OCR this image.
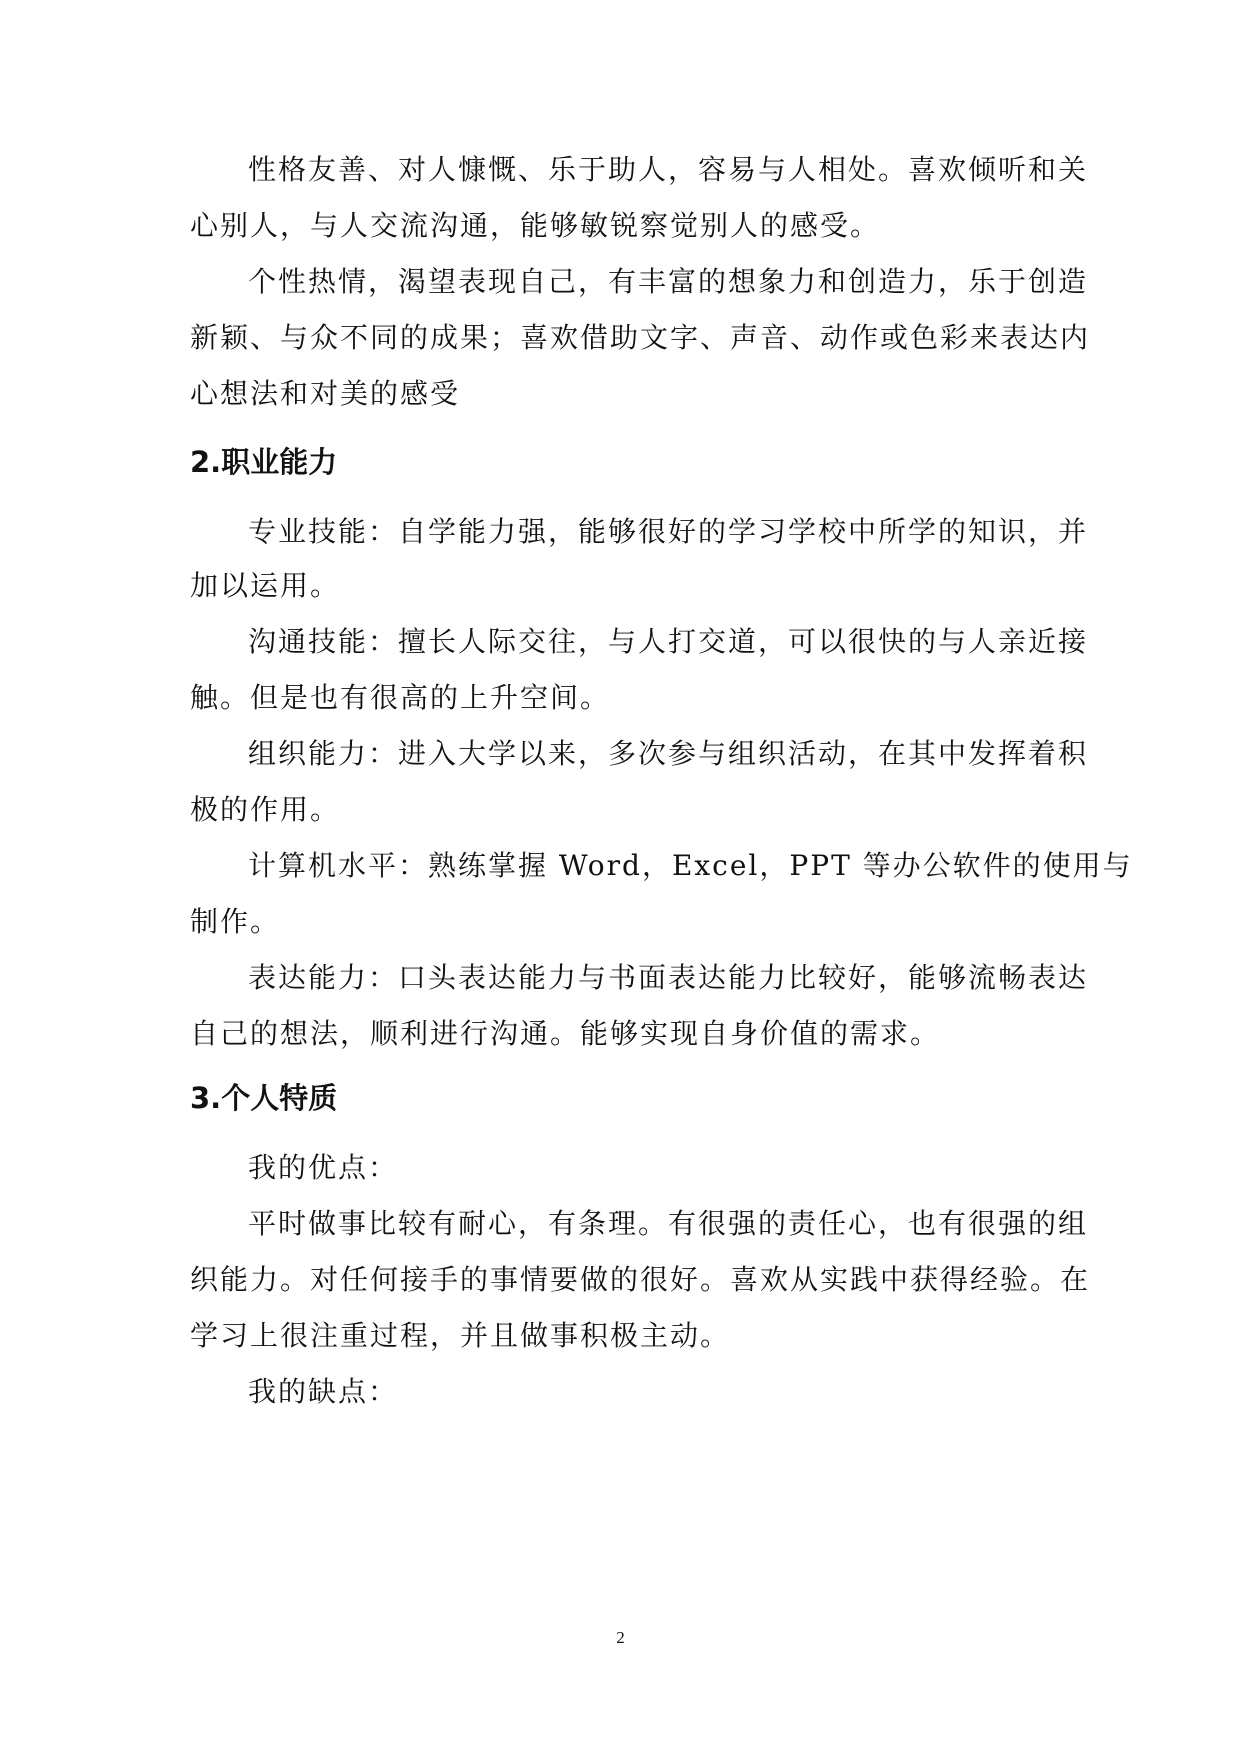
性格友善、对人慷慨、乐于助人，容易与人相处。喜欢倾听和关
心别人，与人交流沟通，能够敏锐察觉别人的感受。
个性热情，渴望表现自己，有丰富的想象力和创造力，乐于创造
新颖、与众不同的成果；喜欢借助文字、声音、动作或色彩来表达内
心想法和对美的感受
2.职业能力
专业技能：自学能力强，能够很好的学习学校中所学的知识，并
加以运用。
沟通技能：擅长人际交往，与人打交道，可以很快的与人亲近接
触。但是也有很高的上升空间。
组织能力：进入大学以来，多次参与组织活动，在其中发挥着积
极的作用。
计算机水平：熟练掌握 Word，Excel，PPT 等办公软件的使用与
制作。
表达能力：口头表达能力与书面表达能力比较好，能够流畅表达
自己的想法，顺利进行沟通。能够实现自身价值的需求。
3.个人特质
我的优点：
平时做事比较有耐心，有条理。有很强的责任心，也有很强的组
织能力。对任何接手的事情要做的很好。喜欢从实践中获得经验。在
学习上很注重过程，并且做事积极主动。
我的缺点：
2
